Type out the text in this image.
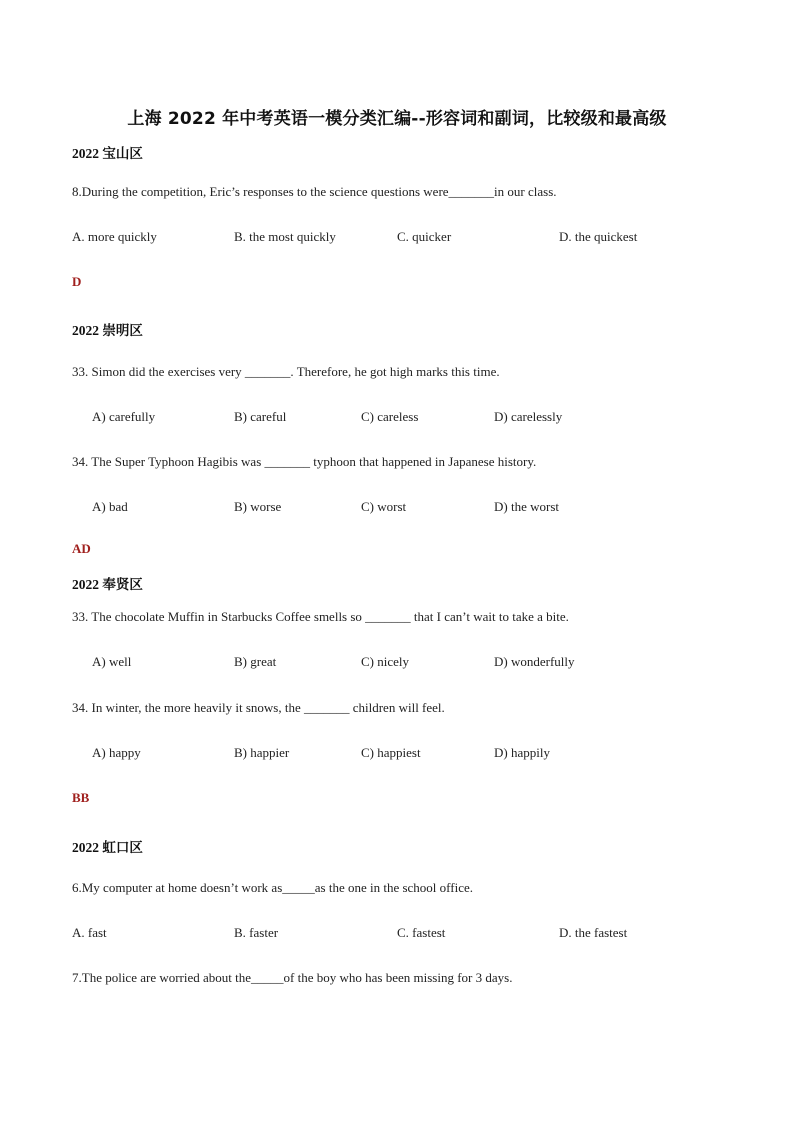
上海 2022 年中考英语一模分类汇编--形容词和副词，比较级和最高级
2022 宝山区
8.During the competition, Eric’s responses to the science questions were_______in our class.
A. more quickly	B. the most quickly	C. quicker	D. the quickest
D
2022 崇明区
33. Simon did the exercises very _______. Therefore, he got high marks this time.
A) carefully	B) careful	C) careless	D) carelessly
34. The Super Typhoon Hagibis was _______ typhoon that happened in Japanese history.
A) bad	B) worse	C) worst	D) the worst
AD
2022 奉贤区
33. The chocolate Muffin in Starbucks Coffee smells so _______ that I can’t wait to take a bite.
A) well	B) great	C) nicely	D) wonderfully
34. In winter, the more heavily it snows, the _______ children will feel.
A) happy	B) happier	C) happiest	D) happily
BB
2022 虹口区
6.My computer at home doesn’t work as_____as the one in the school office.
A. fast	B. faster	C. fastest	D. the fastest
7.The police are worried about the_____of the boy who has been missing for 3 days.
